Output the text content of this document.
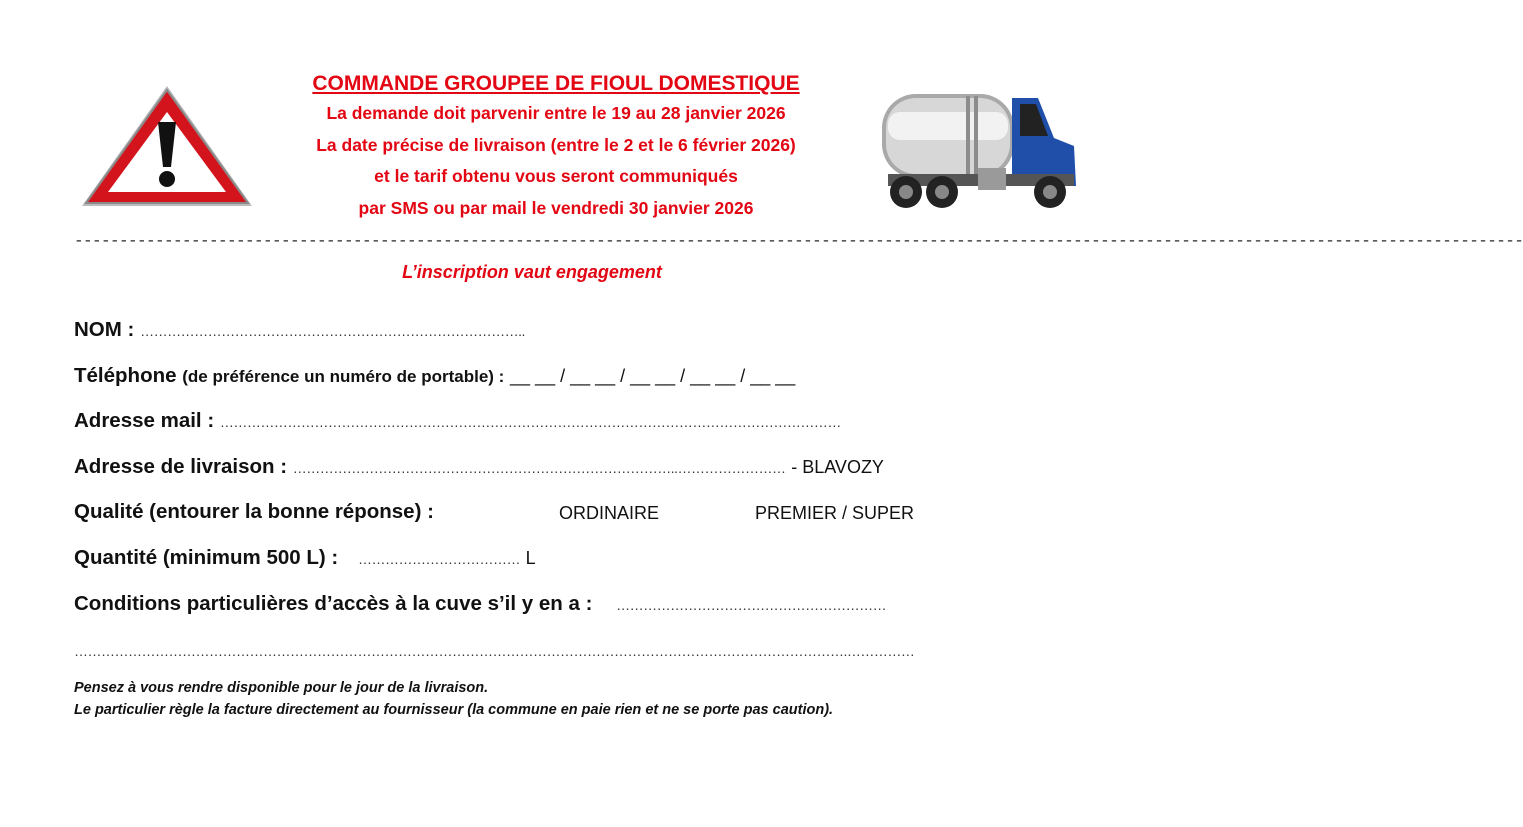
COMMANDE GROUPEE DE FIOUL DOMESTIQUE
La demande doit parvenir entre le 19 au 28 janvier 2026
La date précise de livraison (entre le 2 et le 6 février 2026)
et le tarif obtenu vous seront communiqués
par SMS ou par mail le vendredi 30 janvier 2026
-----------------------------------------------------------------------------------------------------------------------------------------------------------------
L’inscription vaut engagement
NOM : …………………………………………………………………………..
Téléphone (de préférence un numéro de portable) : __ __ / __ __ / __ __ / __ __ / __ __
Adresse mail : …………………………………………………………………………………………………………………………
Adresse de livraison : …………………………………………………………………………..…………………… - BLAVOZY
Qualité (entourer la bonne réponse) :	ORDINAIRE	PREMIER / SUPER
Quantité (minimum 500 L) : ……………………………… L
Conditions particulières d’accès à la cuve s’il y en a : ……………………………………………………
……………………………………………………………………………………………………………………………………………………….……………
Pensez à vous rendre disponible pour le jour de la livraison.
Le particulier règle la facture directement au fournisseur (la commune en paie rien et ne se porte pas caution).
